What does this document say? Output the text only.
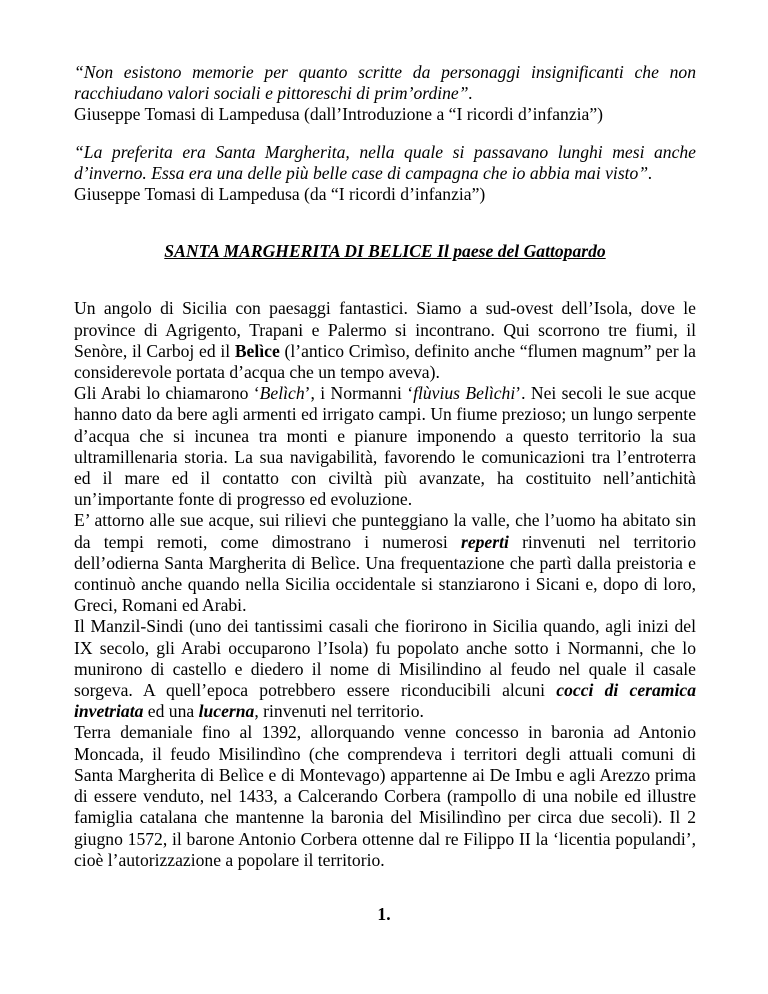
“Non esistono memorie per quanto scritte da personaggi insignificanti che non racchiudano valori sociali e pittoreschi di prim’ordine”.
Giuseppe Tomasi di Lampedusa (dall’Introduzione a “I ricordi d’infanzia”)
“La preferita era Santa Margherita, nella quale si passavano lunghi mesi anche d’inverno. Essa era una delle più belle case di campagna che io abbia mai visto”.
Giuseppe Tomasi di Lampedusa (da “I ricordi d’infanzia”)
SANTA MARGHERITA DI BELICE Il paese del Gattopardo

Un angolo di Sicilia con paesaggi fantastici. Siamo a sud-ovest dell’Isola, dove le province di Agrigento, Trapani e Palermo si incontrano. Qui scorrono tre fiumi, il Senòre, il Carboj ed il Belìce (l’antico Crimìso, definito anche “flumen magnum” per la considerevole portata d’acqua che un tempo aveva).

Gli Arabi lo chiamarono ‘Belìch’, i Normanni ‘flùvius Belìchi’. Nei secoli le sue acque hanno dato da bere agli armenti ed irrigato campi. Un fiume prezioso; un lungo serpente d’acqua che si incunea tra monti e pianure imponendo a questo territorio la sua ultramillenaria storia. La sua navigabilità, favorendo le comunicazioni tra l’entroterra ed il mare ed il contatto con civiltà più avanzate, ha costituito nell’antichità un’importante fonte di progresso ed evoluzione.

E’ attorno alle sue acque, sui rilievi che punteggiano la valle, che l’uomo ha abitato sin da tempi remoti, come dimostrano i numerosi reperti rinvenuti nel territorio dell’odierna Santa Margherita di Belìce. Una frequentazione che partì dalla preistoria e continuò anche quando nella Sicilia occidentale si stanziarono i Sicani e, dopo di loro, Greci, Romani ed Arabi.

Il Manzil-Sindi (uno dei tantissimi casali che fiorirono in Sicilia quando, agli inizi del IX secolo, gli Arabi occuparono l’Isola) fu popolato anche sotto i Normanni, che lo munirono di castello e diedero il nome di Misilindino al feudo nel quale il casale sorgeva. A quell’epoca potrebbero essere riconducibili alcuni cocci di ceramica invetriata ed una lucerna, rinvenuti nel territorio.

Terra demaniale fino al 1392, allorquando venne concesso in baronia ad Antonio Moncada, il feudo Misilindìno (che comprendeva i territori degli attuali comuni di Santa Margherita di Belìce e di Montevago) appartenne ai De Imbu e agli Arezzo prima di essere venduto, nel 1433, a Calcerando Corbera (rampollo di una nobile ed illustre famiglia catalana che mantenne la baronia del Misilindìno per circa due secoli). Il 2 giugno 1572, il barone Antonio Corbera ottenne dal re Filippo II la ‘licentia populandi’, cioè l’autorizzazione a popolare il territorio.

1.
